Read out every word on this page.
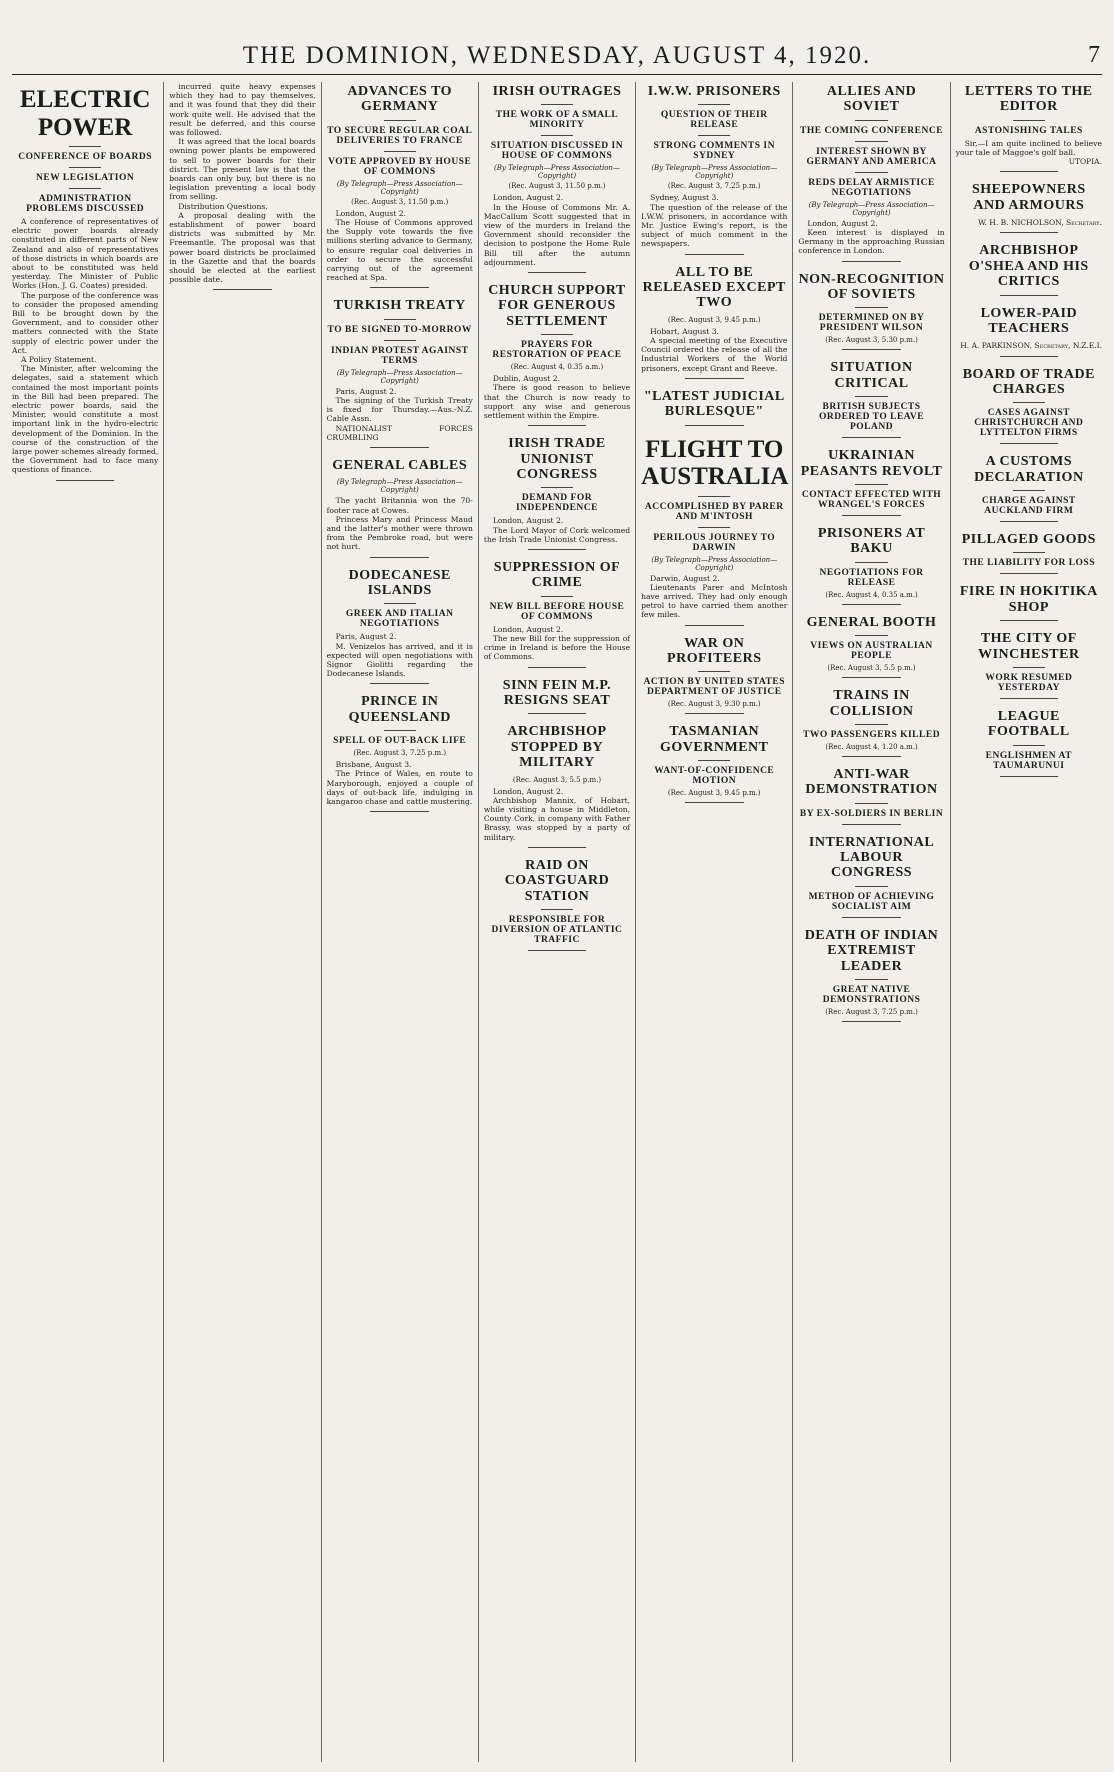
THE DOMINION, WEDNESDAY, AUGUST 4, 1920.	7
ELECTRIC POWER
CONFERENCE OF BOARDS
NEW LEGISLATION
ADMINISTRATION PROBLEMS DISCUSSED

A conference of representatives of electric power boards already constituted in different parts of New Zealand and also of representatives of those districts in which boards are about to be constituted was held yesterday. The Minister of Public Works (Hon. J. G. Coates) presided.

The purpose of the conference was to consider the proposed amending Bill to be brought down by the Government, and to consider other matters connected with the State supply of electric power under the Act.

A Policy Statement.

The Minister, after welcoming the delegates, said a statement which contained the most important points in the Bill had been prepared. The electric power boards, said the Minister, would constitute a most important link in the hydro-electric development of the Dominion. In the course of the construction of the large power schemes already formed, the Government had to face many questions of finance.

incurred quite heavy expenses which they had to pay themselves, and it was found that they did their work quite well. He advised that the result be deferred, and this course was followed.

It was agreed that the local boards owning power plants be empowered to sell to power boards for their district. The present law is that the boards can only buy, but there is no legislation preventing a local body from selling.

Distribution Questions.

A proposal dealing with the establishment of power board districts was submitted by Mr. Freemantle. The proposal was that power board districts be proclaimed in the Gazette and that the boards should be elected at the earliest possible date.

ADVANCES TO GERMANY
TO SECURE REGULAR COAL DELIVERIES TO FRANCE
VOTE APPROVED BY HOUSE OF COMMONS
(By Telegraph—Press Association—Copyright)
(Rec. August 3, 11.50 p.m.)

London, August 2.

The House of Commons approved the Supply vote towards the five millions sterling advance to Germany, to ensure regular coal deliveries in order to secure the successful carrying out of the agreement reached at Spa.

TURKISH TREATY
TO BE SIGNED TO-MORROW
INDIAN PROTEST AGAINST TERMS
(By Telegraph—Press Association—Copyright)

Paris, August 2.

The signing of the Turkish Treaty is fixed for Thursday.—Aus.-N.Z. Cable Assn.

NATIONALIST FORCES CRUMBLING

GENERAL CABLES
(By Telegraph—Press Association—Copyright)

The yacht Britannia won the 70-footer race at Cowes.

Princess Mary and Princess Maud and the latter's mother were thrown from the Pembroke road, but were not hurt.

DODECANESE ISLANDS
GREEK AND ITALIAN NEGOTIATIONS

Paris, August 2.

M. Venizelos has arrived, and it is expected will open negotiations with Signor Giolitti regarding the Dodecanese Islands.

PRINCE IN QUEENSLAND
SPELL OF OUT-BACK LIFE
(Rec. August 3, 7.25 p.m.)

Brisbane, August 3.

The Prince of Wales, en route to Maryborough, enjoyed a couple of days of out-back life, indulging in kangaroo chase and cattle mustering.

IRISH OUTRAGES
THE WORK OF A SMALL MINORITY
SITUATION DISCUSSED IN HOUSE OF COMMONS
(By Telegraph—Press Association—Copyright)
(Rec. August 3, 11.50 p.m.)

London, August 2.

In the House of Commons Mr. A. MacCallum Scott suggested that in view of the murders in Ireland the Government should reconsider the decision to postpone the Home Rule Bill till after the autumn adjournment.

CHURCH SUPPORT FOR GENEROUS SETTLEMENT
PRAYERS FOR RESTORATION OF PEACE
(Rec. August 4, 0.35 a.m.)

Dublin, August 2.

There is good reason to believe that the Church is now ready to support any wise and generous settlement within the Empire.

IRISH TRADE UNIONIST CONGRESS
DEMAND FOR INDEPENDENCE

London, August 2.

The Lord Mayor of Cork welcomed the Irish Trade Unionist Congress.

SUPPRESSION OF CRIME
NEW BILL BEFORE HOUSE OF COMMONS

London, August 2.

The new Bill for the suppression of crime in Ireland is before the House of Commons.

SINN FEIN M.P. RESIGNS SEAT
ARCHBISHOP STOPPED BY MILITARY
(Rec. August 3, 5.5 p.m.)

London, August 2.

Archbishop Mannix, of Hobart, while visiting a house in Middleton, County Cork, in company with Father Brassy, was stopped by a party of military.

RAID ON COASTGUARD STATION
RESPONSIBLE FOR DIVERSION OF ATLANTIC TRAFFIC
I.W.W. PRISONERS
QUESTION OF THEIR RELEASE
STRONG COMMENTS IN SYDNEY
(By Telegraph—Press Association—Copyright)
(Rec. August 3, 7.25 p.m.)

Sydney, August 3.

The question of the release of the I.W.W. prisoners, in accordance with Mr. Justice Ewing's report, is the subject of much comment in the newspapers.

ALL TO BE RELEASED EXCEPT TWO
(Rec. August 3, 9.45 p.m.)

Hobart, August 3.

A special meeting of the Executive Council ordered the release of all the Industrial Workers of the World prisoners, except Grant and Reeve.

"LATEST JUDICIAL BURLESQUE"
FLIGHT TO AUSTRALIA
ACCOMPLISHED BY PARER AND M'INTOSH
PERILOUS JOURNEY TO DARWIN
(By Telegraph—Press Association—Copyright)

Darwin, August 2.

Lieutenants Parer and McIntosh have arrived. They had only enough petrol to have carried them another few miles.

WAR ON PROFITEERS
ACTION BY UNITED STATES DEPARTMENT OF JUSTICE
(Rec. August 3, 9.30 p.m.)
TASMANIAN GOVERNMENT
WANT-OF-CONFIDENCE MOTION
(Rec. August 3, 9.45 p.m.)
ALLIES AND SOVIET
THE COMING CONFERENCE
INTEREST SHOWN BY GERMANY AND AMERICA
REDS DELAY ARMISTICE NEGOTIATIONS
(By Telegraph—Press Association—Copyright)

London, August 2.

Keen interest is displayed in Germany in the approaching Russian conference in London.

NON-RECOGNITION OF SOVIETS
DETERMINED ON BY PRESIDENT WILSON
(Rec. August 3, 5.30 p.m.)
SITUATION CRITICAL
BRITISH SUBJECTS ORDERED TO LEAVE POLAND
UKRAINIAN PEASANTS REVOLT
CONTACT EFFECTED WITH WRANGEL'S FORCES
PRISONERS AT BAKU
NEGOTIATIONS FOR RELEASE
(Rec. August 4, 0.35 a.m.)
GENERAL BOOTH
VIEWS ON AUSTRALIAN PEOPLE
(Rec. August 3, 5.5 p.m.)
TRAINS IN COLLISION
TWO PASSENGERS KILLED
(Rec. August 4, 1.20 a.m.)
ANTI-WAR DEMONSTRATION
BY EX-SOLDIERS IN BERLIN
INTERNATIONAL LABOUR CONGRESS
METHOD OF ACHIEVING SOCIALIST AIM
DEATH OF INDIAN EXTREMIST LEADER
GREAT NATIVE DEMONSTRATIONS
(Rec. August 3, 7.25 p.m.)
LETTERS TO THE EDITOR
ASTONISHING TALES

Sir,—I am quite inclined to believe your tale of Maggoe's golf ball.

UTOPIA.

SHEEPOWNERS AND ARMOURS

W. H. B. NICHOLSON, Secretary.

ARCHBISHOP O'SHEA AND HIS CRITICS
LOWER-PAID TEACHERS

H. A. PARKINSON, Secretary, N.Z.E.I.

BOARD OF TRADE CHARGES
CASES AGAINST CHRISTCHURCH AND LYTTELTON FIRMS
A CUSTOMS DECLARATION
CHARGE AGAINST AUCKLAND FIRM
PILLAGED GOODS
THE LIABILITY FOR LOSS
FIRE IN HOKITIKA SHOP
THE CITY OF WINCHESTER
WORK RESUMED YESTERDAY
LEAGUE FOOTBALL
ENGLISHMEN AT TAUMARUNUI
